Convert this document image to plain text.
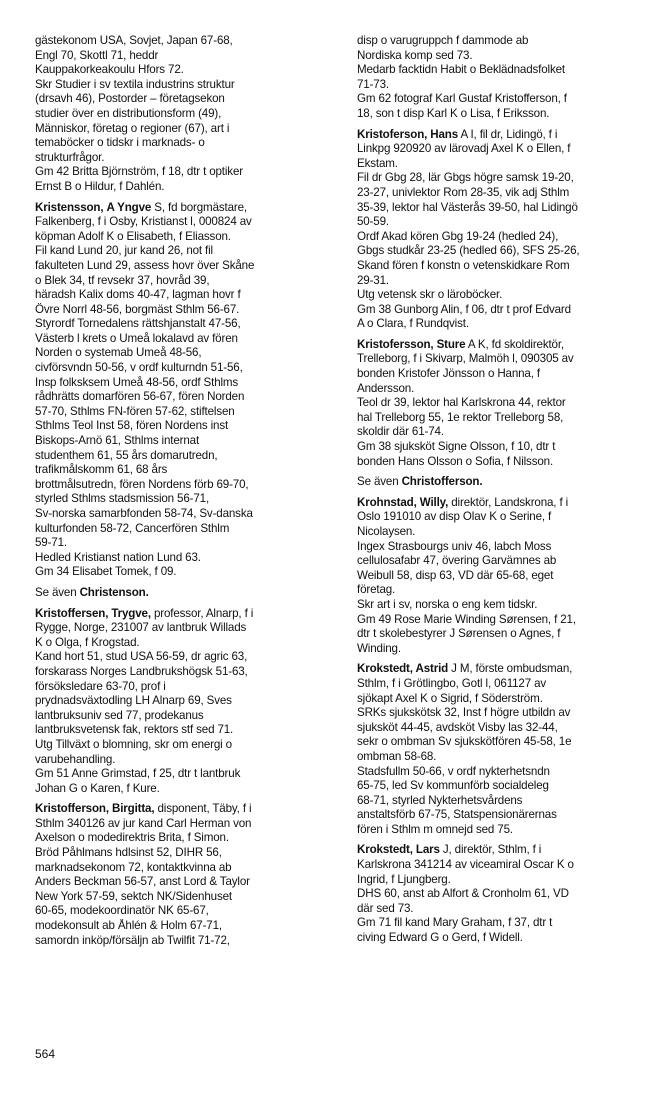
gästekonom USA, Sovjet, Japan 67-68,
Engl 70, Skottl 71, heddr
Kauppakorkeakoulu Hfors 72.
Skr Studier i sv textila industrins struktur
(drsavh 46), Postorder – företagsekon
studier över en distributionsform (49),
Människor, företag o regioner (67), art i
temaböcker o tidskr i marknads- o
strukturfrågor.
Gm 42 Britta Björnström, f 18, dtr t optiker
Ernst B o Hildur, f Dahlén.
Kristensson, A Yngve S, fd borgmästare,
Falkenberg, f i Osby, Kristianst l, 000824 av
köpman Adolf K o Elisabeth, f Eliasson.
Fil kand Lund 20, jur kand 26, not fil
fakulteten Lund 29, assess hovr över Skåne
o Blek 34, tf revsekr 37, hovråd 39,
häradsh Kalix doms 40-47, lagman hovr f
Övre Norrl 48-56, borgmäst Sthlm 56-67.
Styrordf Tornedalens rättshjanstalt 47-56,
Västerb l krets o Umeå lokalavd av fören
Norden o systemab Umeå 48-56,
civförsvndn 50-56, v ordf kulturndn 51-56,
Insp folksksem Umeå 48-56, ordf Sthlms
rådhrätts domarfören 56-67, fören Norden
57-70, Sthlms FN-fören 57-62, stiftelsen
Sthlms Teol Inst 58, fören Nordens inst
Biskops-Arnö 61, Sthlms internat
studenthem 61, 55 års domarutredn,
trafikmålskomm 61, 68 års
brottmålsutredn, fören Nordens förb 69-70,
styrled Sthlms stadsmission 56-71,
Sv-norska samarbfonden 58-74, Sv-danska
kulturfonden 58-72, Cancerfören Sthlm
59-71.
Hedled Kristianst nation Lund 63.
Gm 34 Elisabet Tomek, f 09.
Se även Christenson.
Kristoffersen, Trygve, professor, Alnarp, f i
Rygge, Norge, 231007 av lantbruk Willads
K o Olga, f Krogstad.
Kand hort 51, stud USA 56-59, dr agric 63,
forskarass Norges Landbrukshögsk 51-63,
försöksledare 63-70, prof i
prydnadsväxtodling LH Alnarp 69, Sves
lantbruksuniv sed 77, prodekanus
lantbruksvetensk fak, rektors stf sed 71.
Utg Tillväxt o blomning, skr om energi o
varubehandling.
Gm 51 Anne Grimstad, f 25, dtr t lantbruk
Johan G o Karen, f Kure.
Kristofferson, Birgitta, disponent, Täby, f i
Sthlm 340126 av jur kand Carl Herman von
Axelson o modedirektris Brita, f Simon.
Bröd Påhlmans hdlsinst 52, DIHR 56,
marknadsekonom 72, kontaktkvinna ab
Anders Beckman 56-57, anst Lord & Taylor
New York 57-59, sektch NK/Sidenhuset
60-65, modekoordinatör NK 65-67,
modekonsult ab Åhlén & Holm 67-71,
samordn inköp/försäljn ab Twilfit 71-72,
disp o varugruppch f dammode ab
Nordiska komp sed 73.
Medarb facktidn Habit o Beklädnadsfolket
71-73.
Gm 62 fotograf Karl Gustaf Kristofferson, f
18, son t disp Karl K o Lisa, f Eriksson.
Kristoferson, Hans A I, fil dr, Lidingö, f i
Linkpg 920920 av lärovadj Axel K o Ellen, f
Ekstam.
Fil dr Gbg 28, lär Gbgs högre samsk 19-20,
23-27, univlektor Rom 28-35, vik adj Sthlm
35-39, lektor hal Västerås 39-50, hal Lidingö
50-59.
Ordf Akad kören Gbg 19-24 (hedled 24),
Gbgs studkår 23-25 (hedled 66), SFS 25-26,
Skand fören f konstn o vetenskidkare Rom
29-31.
Utg vetensk skr o läroböcker.
Gm 38 Gunborg Alin, f 06, dtr t prof Edvard
A o Clara, f Rundqvist.
Kristofersson, Sture A K, fd skoldirektör,
Trelleborg, f i Skivarp, Malmöh l, 090305 av
bonden Kristofer Jönsson o Hanna, f
Andersson.
Teol dr 39, lektor hal Karlskrona 44, rektor
hal Trelleborg 55, 1e rektor Trelleborg 58,
skoldir där 61-74.
Gm 38 sjuksköt Signe Olsson, f 10, dtr t
bonden Hans Olsson o Sofia, f Nilsson.
Se även Christofferson.
Krohnstad, Willy, direktör, Landskrona, f i
Oslo 191010 av disp Olav K o Serine, f
Nicolaysen.
Ingex Strasbourgs univ 46, labch Moss
cellulosafabr 47, övering Garvämnes ab
Weibull 58, disp 63, VD där 65-68, eget
företag.
Skr art i sv, norska o eng kem tidskr.
Gm 49 Rose Marie Winding Sørensen, f 21,
dtr t skolebestyrer J Sørensen o Agnes, f
Winding.
Krokstedt, Astrid J M, förste ombudsman,
Sthlm, f i Grötlingbo, Gotl l, 061127 av
sjökapt Axel K o Sigrid, f Söderström.
SRKs sjukskötsk 32, Inst f högre utbildn av
sjuksköt 44-45, avdsköt Visby las 32-44,
sekr o ombman Sv sjukskötfören 45-58, 1e
ombman 58-68.
Stadsfullm 50-66, v ordf nykterhetsndn
65-75, led Sv kommunförb socialdeleg
68-71, styrled Nykterhetsvårdens
anstaltsförb 67-75, Statspensionärernas
fören i Sthlm m omnejd sed 75.
Krokstedt, Lars J, direktör, Sthlm, f i
Karlskrona 341214 av viceamiral Oscar K o
Ingrid, f Ljungberg.
DHS 60, anst ab Alfort & Cronholm 61, VD
där sed 73.
Gm 71 fil kand Mary Graham, f 37, dtr t
civing Edward G o Gerd, f Widell.
564
